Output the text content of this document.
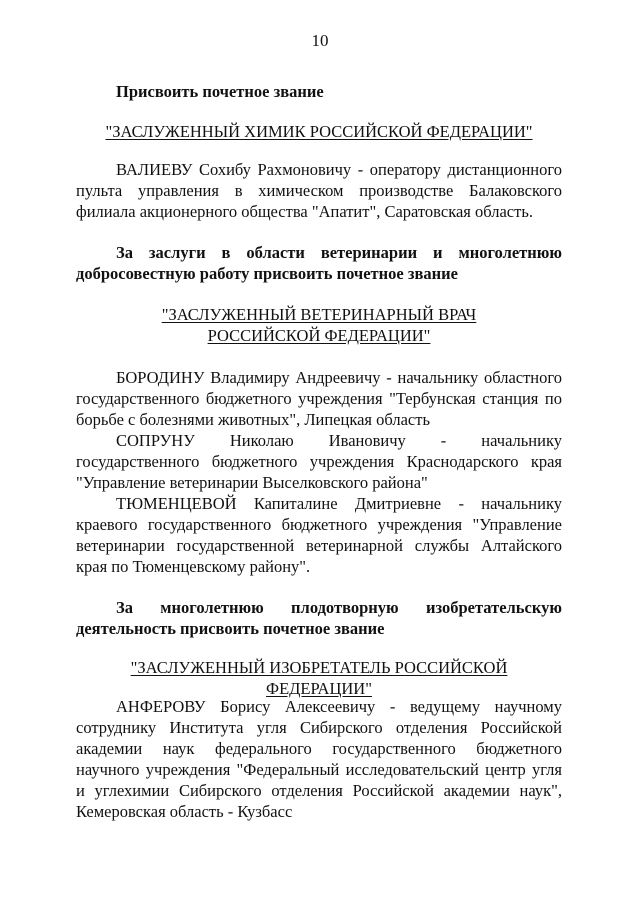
10

Присвоить почетное звание

"ЗАСЛУЖЕННЫЙ ХИМИК РОССИЙСКОЙ ФЕДЕРАЦИИ"

ВАЛИЕВУ Сохибу Рахмоновичу - оператору дистанционного пульта управления в химическом производстве Балаковского филиала акционерного общества "Апатит", Саратовская область.

За заслуги в области ветеринарии и многолетнюю добросовестную работу присвоить почетное звание

"ЗАСЛУЖЕННЫЙ ВЕТЕРИНАРНЫЙ ВРАЧ
РОССИЙСКОЙ ФЕДЕРАЦИИ"

БОРОДИНУ Владимиру Андреевичу - начальнику областного государственного бюджетного учреждения "Тербунская станция по борьбе с болезнями животных", Липецкая область

СОПРУНУ Николаю Ивановичу - начальнику государственного бюджетного учреждения Краснодарского края "Управление ветеринарии Выселковского района"

ТЮМЕНЦЕВОЙ Капиталине Дмитриевне - начальнику краевого государственного бюджетного учреждения "Управление ветеринарии государственной ветеринарной службы Алтайского края по Тюменцевскому району".

За многолетнюю плодотворную изобретательскую деятельность присвоить почетное звание

"ЗАСЛУЖЕННЫЙ ИЗОБРЕТАТЕЛЬ РОССИЙСКОЙ ФЕДЕРАЦИИ"

АНФЕРОВУ Борису Алексеевичу - ведущему научному сотруднику Института угля Сибирского отделения Российской академии наук федерального государственного бюджетного научного учреждения "Федеральный исследовательский центр угля и углехимии Сибирского отделения Российской академии наук", Кемеровская область - Кузбасс
